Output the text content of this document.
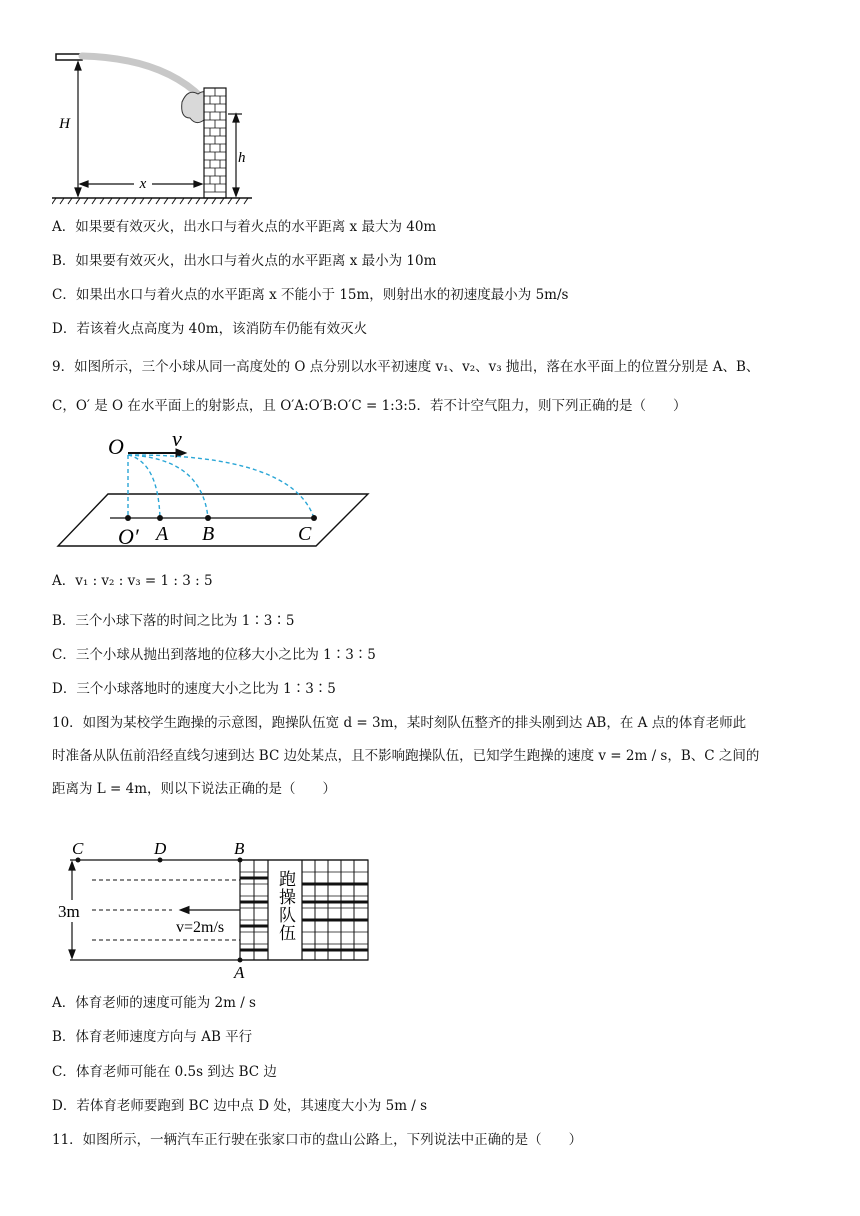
H
h
x
A．如果要有效灭火，出水口与着火点的水平距离 x 最大为 40m
B．如果要有效灭火，出水口与着火点的水平距离 x 最小为 10m
C．如果出水口与着火点的水平距离 x 不能小于 15m，则射出水的初速度最小为 5m/s
D．若该着火点高度为 40m，该消防车仍能有效灭火
9．如图所示，三个小球从同一高度处的 O 点分别以水平初速度 v₁、v₂、v₃ 抛出，落在水平面上的位置分别是 A、B、
C，O′ 是 O 在水平面上的射影点，且 O′A:O′B:O′C = 1:3:5．若不计空气阻力，则下列正确的是（　　）
O v
O′ A B	C
A．v₁ : v₂ : v₃ = 1 : 3 : 5
B．三个小球下落的时间之比为 1∶3∶5
C．三个小球从抛出到落地的位移大小之比为 1∶3∶5
D．三个小球落地时的速度大小之比为 1∶3∶5
10．如图为某校学生跑操的示意图，跑操队伍宽 d = 3m，某时刻队伍整齐的排头刚到达 AB，在 A 点的体育老师此
时准备从队伍前沿经直线匀速到达 BC 边处某点，且不影响跑操队伍，已知学生跑操的速度 v = 2m / s，B、C 之间的
距离为 L = 4m，则以下说法正确的是（　　）
C	D	B
A
3m
v=2m/s	跑操队伍
A．体育老师的速度可能为 2m / s
B．体育老师速度方向与 AB 平行
C．体育老师可能在 0.5s 到达 BC 边
D．若体育老师要跑到 BC 边中点 D 处，其速度大小为 5m / s
11．如图所示，一辆汽车正行驶在张家口市的盘山公路上，下列说法中正确的是（　　）
